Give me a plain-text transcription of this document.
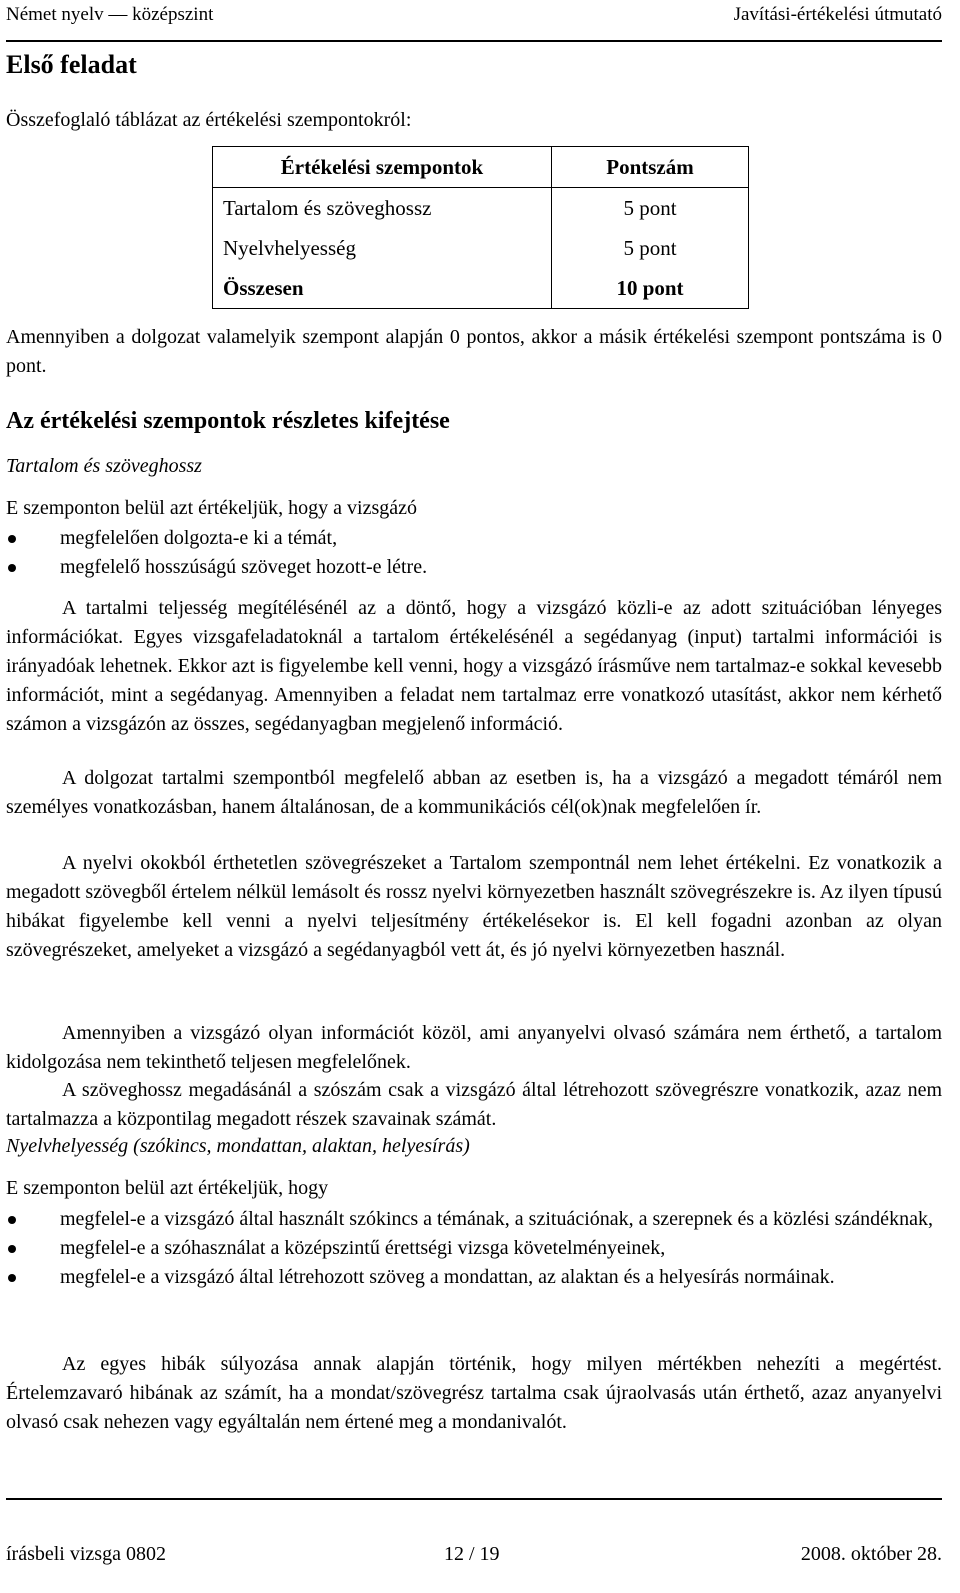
Német nyelv — középszint	Javítási-értékelési útmutató
Első feladat
Összefoglaló táblázat az értékelési szempontokról:
Értékelési szempontok	Pontszám
Tartalom és szöveghossz	5 pont
Nyelvhelyesség	5 pont
Összesen	10 pont
Amennyiben a dolgozat valamelyik szempont alapján 0 pontos, akkor a másik értékelési szempont pontszáma is 0 pont.
Az értékelési szempontok részletes kifejtése
Tartalom és szöveghossz
E szemponton belül azt értékeljük, hogy a vizsgázó
megfelelően dolgozta-e ki a témát,
megfelelő hosszúságú szöveget hozott-e létre.
A tartalmi teljesség megítélésénél az a döntő, hogy a vizsgázó közli-e az adott szituációban lényeges információkat. Egyes vizsgafeladatoknál a tartalom értékelésénél a segédanyag (input) tartalmi információi is irányadóak lehetnek. Ekkor azt is figyelembe kell venni, hogy a vizsgázó írásműve nem tartalmaz-e sokkal kevesebb információt, mint a segédanyag. Amennyiben a feladat nem tartalmaz erre vonatkozó utasítást, akkor nem kérhető számon a vizsgázón az összes, segédanyagban megjelenő információ.
A dolgozat tartalmi szempontból megfelelő abban az esetben is, ha a vizsgázó a megadott témáról nem személyes vonatkozásban, hanem általánosan, de a kommunikációs cél(ok)nak megfelelően ír.
A nyelvi okokból érthetetlen szövegrészeket a Tartalom szempontnál nem lehet értékelni. Ez vonatkozik a megadott szövegből értelem nélkül lemásolt és rossz nyelvi környezetben használt szövegrészekre is. Az ilyen típusú hibákat figyelembe kell venni a nyelvi teljesítmény értékelésekor is. El kell fogadni azonban az olyan szövegrészeket, amelyeket a vizsgázó a segédanyagból vett át, és jó nyelvi környezetben használ.
Amennyiben a vizsgázó olyan információt közöl, ami anyanyelvi olvasó számára nem érthető, a tartalom kidolgozása nem tekinthető teljesen megfelelőnek.
A szöveghossz megadásánál a szószám csak a vizsgázó által létrehozott szövegrészre vonatkozik, azaz nem tartalmazza a központilag megadott részek szavainak számát.
Nyelvhelyesség (szókincs, mondattan, alaktan, helyesírás)
E szemponton belül azt értékeljük, hogy
megfelel-e a vizsgázó által használt szókincs a témának, a szituációnak, a szerepnek és a közlési szándéknak,
megfelel-e a szóhasználat a középszintű érettségi vizsga követelményeinek,
megfelel-e a vizsgázó által létrehozott szöveg a mondattan, az alaktan és a helyesírás normáinak.
Az egyes hibák súlyozása annak alapján történik, hogy milyen mértékben nehezíti a megértést. Értelemzavaró hibának az számít, ha a mondat/szövegrész tartalma csak újraolvasás után érthető, azaz anyanyelvi olvasó csak nehezen vagy egyáltalán nem értené meg a mondanivalót.
írásbeli vizsga 0802	12 / 19	2008. október 28.
